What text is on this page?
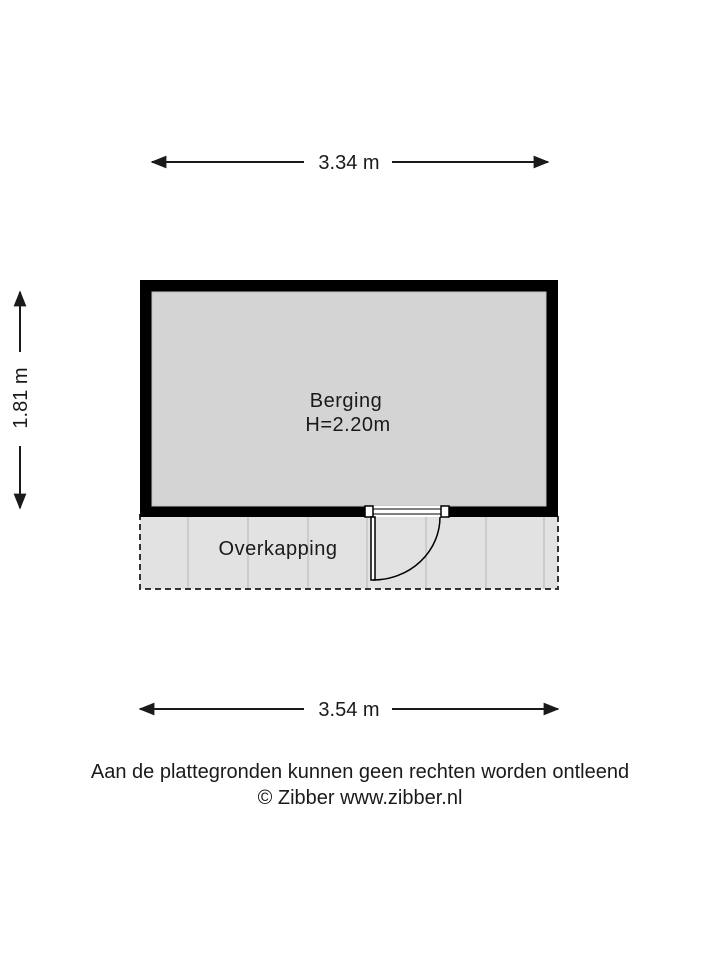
3.34 m
1.81 m
Overkapping
Berging
H=2.20m
3.54 m
Aan de plattegronden kunnen geen rechten worden ontleend
© Zibber www.zibber.nl
